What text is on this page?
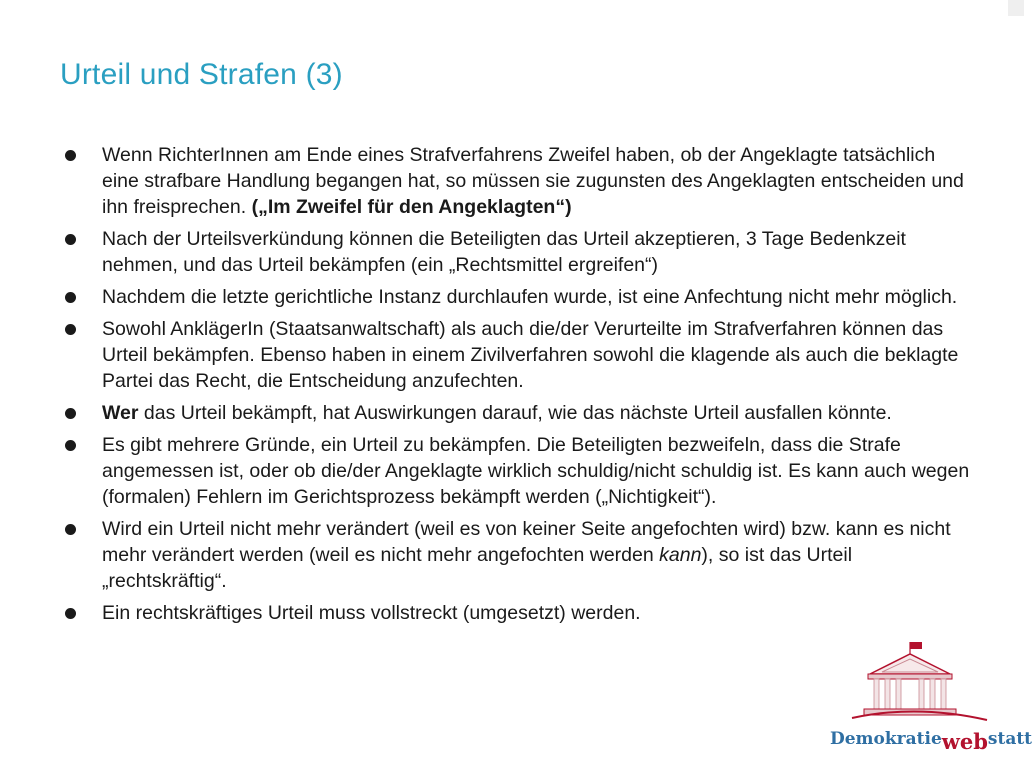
Urteil und Strafen (3)
Wenn RichterInnen am Ende eines Strafverfahrens Zweifel haben, ob der Angeklagte tatsächlich eine strafbare Handlung begangen hat, so müssen sie zugunsten des Angeklagten entscheiden und ihn freisprechen. („Im Zweifel für den Angeklagten“)
Nach der Urteilsverkündung können die Beteiligten das Urteil akzeptieren, 3 Tage Bedenkzeit nehmen, und das Urteil bekämpfen (ein „Rechtsmittel ergreifen“)
Nachdem die letzte gerichtliche Instanz durchlaufen wurde, ist eine Anfechtung nicht mehr möglich.
Sowohl AnklägerIn (Staatsanwaltschaft) als auch die/der Verurteilte im Strafverfahren können das Urteil bekämpfen. Ebenso haben in einem Zivilverfahren sowohl die klagende als auch die beklagte Partei das Recht, die Entscheidung anzufechten.
Wer das Urteil bekämpft, hat Auswirkungen darauf, wie das nächste Urteil ausfallen könnte.
Es gibt mehrere Gründe, ein Urteil zu bekämpfen. Die Beteiligten bezweifeln, dass die Strafe angemessen ist, oder ob die/der Angeklagte wirklich schuldig/nicht schuldig ist. Es kann auch wegen (formalen) Fehlern im Gerichtsprozess bekämpft werden („Nichtigkeit“).
Wird ein Urteil nicht mehr verändert (weil es von keiner Seite angefochten wird) bzw. kann es nicht mehr verändert werden (weil es nicht mehr angefochten werden kann), so ist das Urteil „rechtskräftig“.
Ein rechtskräftiges Urteil muss vollstreckt (umgesetzt) werden.
Demokratiewebstatt
